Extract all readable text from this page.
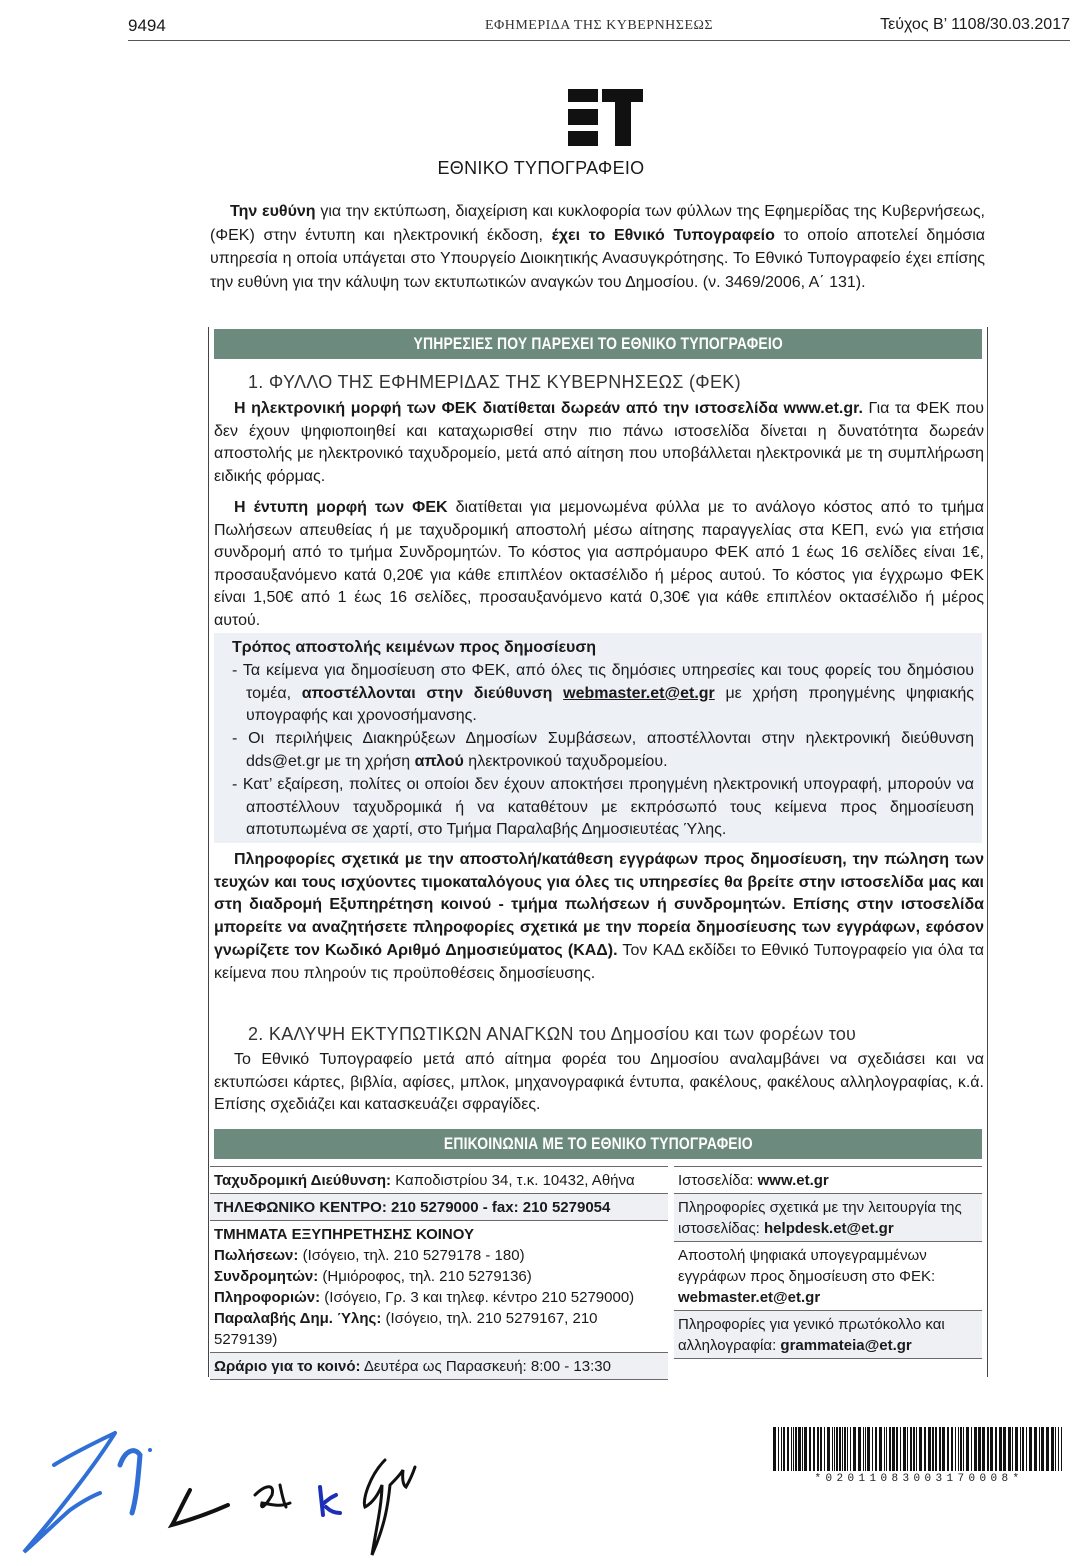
9494	ΕΦΗΜΕΡΙΔΑ ΤΗΣ ΚΥΒΕΡΝΗΣΕΩΣ	Τεύχος Β’ 1108/30.03.2017
ΕΘΝΙΚΟ ΤΥΠΟΓΡΑΦΕΙΟ

Την ευθύνη για την εκτύπωση, διαχείριση και κυκλοφορία των φύλλων της Εφημερίδας της Κυβερνήσεως, (ΦΕΚ) στην έντυπη και ηλεκτρονική έκδοση, έχει το Εθνικό Τυπογραφείο το οποίο αποτελεί δημόσια υπηρεσία η οποία υπάγεται στο Υπουργείο Διοικητικής Ανασυγκρότησης. Το Εθνικό Τυπογραφείο έχει επίσης την ευθύνη για την κάλυψη των εκτυπωτικών αναγκών του Δημοσίου. (ν. 3469/2006, Α΄ 131).

ΥΠΗΡΕΣΙΕΣ ΠΟΥ ΠΑΡΕΧΕΙ ΤΟ ΕΘΝΙΚΟ ΤΥΠΟΓΡΑΦΕΙΟ
1. ΦΥΛΛΟ ΤΗΣ ΕΦΗΜΕΡΙΔΑΣ ΤΗΣ ΚΥΒΕΡΝΗΣΕΩΣ (ΦΕΚ)

Η ηλεκτρονική μορφή των ΦΕΚ διατίθεται δωρεάν από την ιστοσελίδα www.et.gr. Για τα ΦΕΚ που δεν έχουν ψηφιοποιηθεί και καταχωρισθεί στην πιο πάνω ιστοσελίδα δίνεται η δυνατότητα δωρεάν αποστολής με ηλεκτρονικό ταχυδρομείο, μετά από αίτηση που υποβάλλεται ηλεκτρονικά με τη συμπλήρωση ειδικής φόρμας.

Η έντυπη μορφή των ΦΕΚ διατίθεται για μεμονωμένα φύλλα με το ανάλογο κόστος από το τμήμα Πωλήσεων απευθείας ή με ταχυδρομική αποστολή μέσω αίτησης παραγγελίας στα ΚΕΠ, ενώ για ετήσια συνδρομή από το τμήμα Συνδρομητών. Το κόστος για ασπρόμαυρο ΦΕΚ από 1 έως 16 σελίδες είναι 1€, προσαυξανόμενο κατά 0,20€ για κάθε επιπλέον οκτασέλιδο ή μέρος αυτού. Το κόστος για έγχρωμο ΦΕΚ είναι 1,50€ από 1 έως 16 σελίδες, προσαυξανόμενο κατά 0,30€ για κάθε επιπλέον οκτασέλιδο ή μέρος αυτού.

Τρόπος αποστολής κειμένων προς δημοσίευση
- Τα κείμενα για δημοσίευση στο ΦΕΚ, από όλες τις δημόσιες υπηρεσίες και τους φορείς του δημόσιου τομέα, αποστέλλονται στην διεύθυνση webmaster.et@et.gr με χρήση προηγμένης ψηφιακής υπογραφής και χρονοσήμανσης.
- Οι περιλήψεις Διακηρύξεων Δημοσίων Συμβάσεων, αποστέλλονται στην ηλεκτρονική διεύθυνση dds@et.gr με τη χρήση απλού ηλεκτρονικού ταχυδρομείου.
- Κατ’ εξαίρεση, πολίτες οι οποίοι δεν έχουν αποκτήσει προηγμένη ηλεκτρονική υπογραφή, μπορούν να αποστέλλουν ταχυδρομικά ή να καταθέτουν με εκπρόσωπό τους κείμενα προς δημοσίευση αποτυπωμένα σε χαρτί, στο Τμήμα Παραλαβής Δημοσιευτέας Ύλης.

Πληροφορίες σχετικά με την αποστολή/κατάθεση εγγράφων προς δημοσίευση, την πώληση των τευχών και τους ισχύοντες τιμοκαταλόγους για όλες τις υπηρεσίες θα βρείτε στην ιστοσελίδα μας και στη διαδρομή Εξυπηρέτηση κοινού - τμήμα πωλήσεων ή συνδρομητών. Επίσης στην ιστοσελίδα μπορείτε να αναζητήσετε πληροφορίες σχετικά με την πορεία δημοσίευσης των εγγράφων, εφόσον γνωρίζετε τον Κωδικό Αριθμό Δημοσιεύματος (ΚΑΔ). Τον ΚΑΔ εκδίδει το Εθνικό Τυπογραφείο για όλα τα κείμενα που πληρούν τις προϋποθέσεις δημοσίευσης.

2. ΚΑΛΥΨΗ ΕΚΤΥΠΩΤΙΚΩΝ ΑΝΑΓΚΩΝ του Δημοσίου και των φορέων του

Το Εθνικό Τυπογραφείο μετά από αίτημα φορέα του Δημοσίου αναλαμβάνει να σχεδιάσει και να εκτυπώσει κάρτες, βιβλία, αφίσες, μπλοκ, μηχανογραφικά έντυπα, φακέλους, φακέλους αλληλογραφίας, κ.ά. Επίσης σχεδιάζει και κατασκευάζει σφραγίδες.

ΕΠΙΚΟΙΝΩΝΙΑ ΜΕ ΤΟ ΕΘΝΙΚΟ ΤΥΠΟΓΡΑΦΕΙΟ
Ταχυδρομική Διεύθυνση: Καποδιστρίου 34, τ.κ. 10432, Αθήνα
ΤΗΛΕΦΩΝΙΚΟ ΚΕΝΤΡΟ: 210 5279000 - fax: 210 5279054
ΤΜΗΜΑΤΑ ΕΞΥΠΗΡΕΤΗΣΗΣ ΚΟΙΝΟΥ
Πωλήσεων: (Ισόγειο, τηλ. 210 5279178 - 180)
Συνδρομητών: (Ημιόροφος, τηλ. 210 5279136)
Πληροφοριών: (Ισόγειο, Γρ. 3 και τηλεφ. κέντρο 210 5279000)
Παραλαβής Δημ. Ύλης: (Ισόγειο, τηλ. 210 5279167, 210 5279139)
Ωράριο για το κοινό: Δευτέρα ως Παρασκευή: 8:00 - 13:30
Ιστοσελίδα: www.et.gr
Πληροφορίες σχετικά με την λειτουργία της ιστοσελίδας: helpdesk.et@et.gr
Αποστολή ψηφιακά υπογεγραμμένων εγγράφων προς δημοσίευση στο ΦΕΚ: webmaster.et@et.gr
Πληροφορίες για γενικό πρωτόκολλο και αλληλογραφία: grammateia@et.gr
*02011083003170008*
